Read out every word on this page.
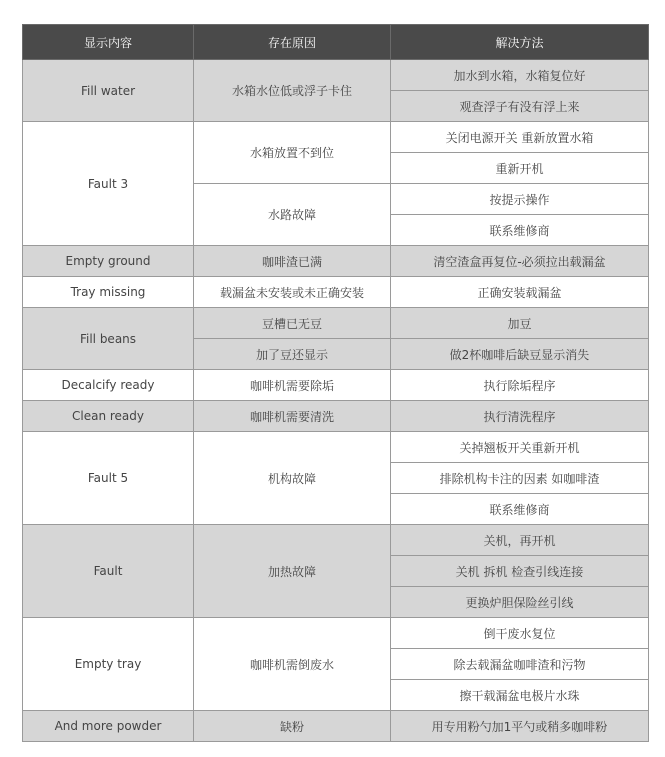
显示内容	存在原因	解决方法
Fill water	水箱水位低或浮子卡住	加水到水箱，水箱复位好
		观查浮子有没有浮上来
Fault 3	水箱放置不到位	关闭电源开关 重新放置水箱
		重新开机
	水路故障	按提示操作
		联系维修商
Empty ground	咖啡渣已满	清空渣盒再复位-必须拉出载漏盆
Tray missing	载漏盆未安装或未正确安装	正确安装载漏盆
Fill beans	豆槽已无豆	加豆
	加了豆还显示	做2杯咖啡后缺豆显示消失
Decalcify ready	咖啡机需要除垢	执行除垢程序
Clean ready	咖啡机需要清洗	执行清洗程序
Fault 5	机构故障	关掉翘板开关重新开机
		排除机构卡注的因素 如咖啡渣
		联系维修商
Fault	加热故障	关机，再开机
		关机 拆机 检查引线连接
		更换炉胆保险丝引线
Empty tray	咖啡机需倒废水	倒干废水复位
		除去载漏盆咖啡渣和污物
		擦干载漏盆电极片水珠
And more powder	缺粉	用专用粉勺加1平勺或稍多咖啡粉
